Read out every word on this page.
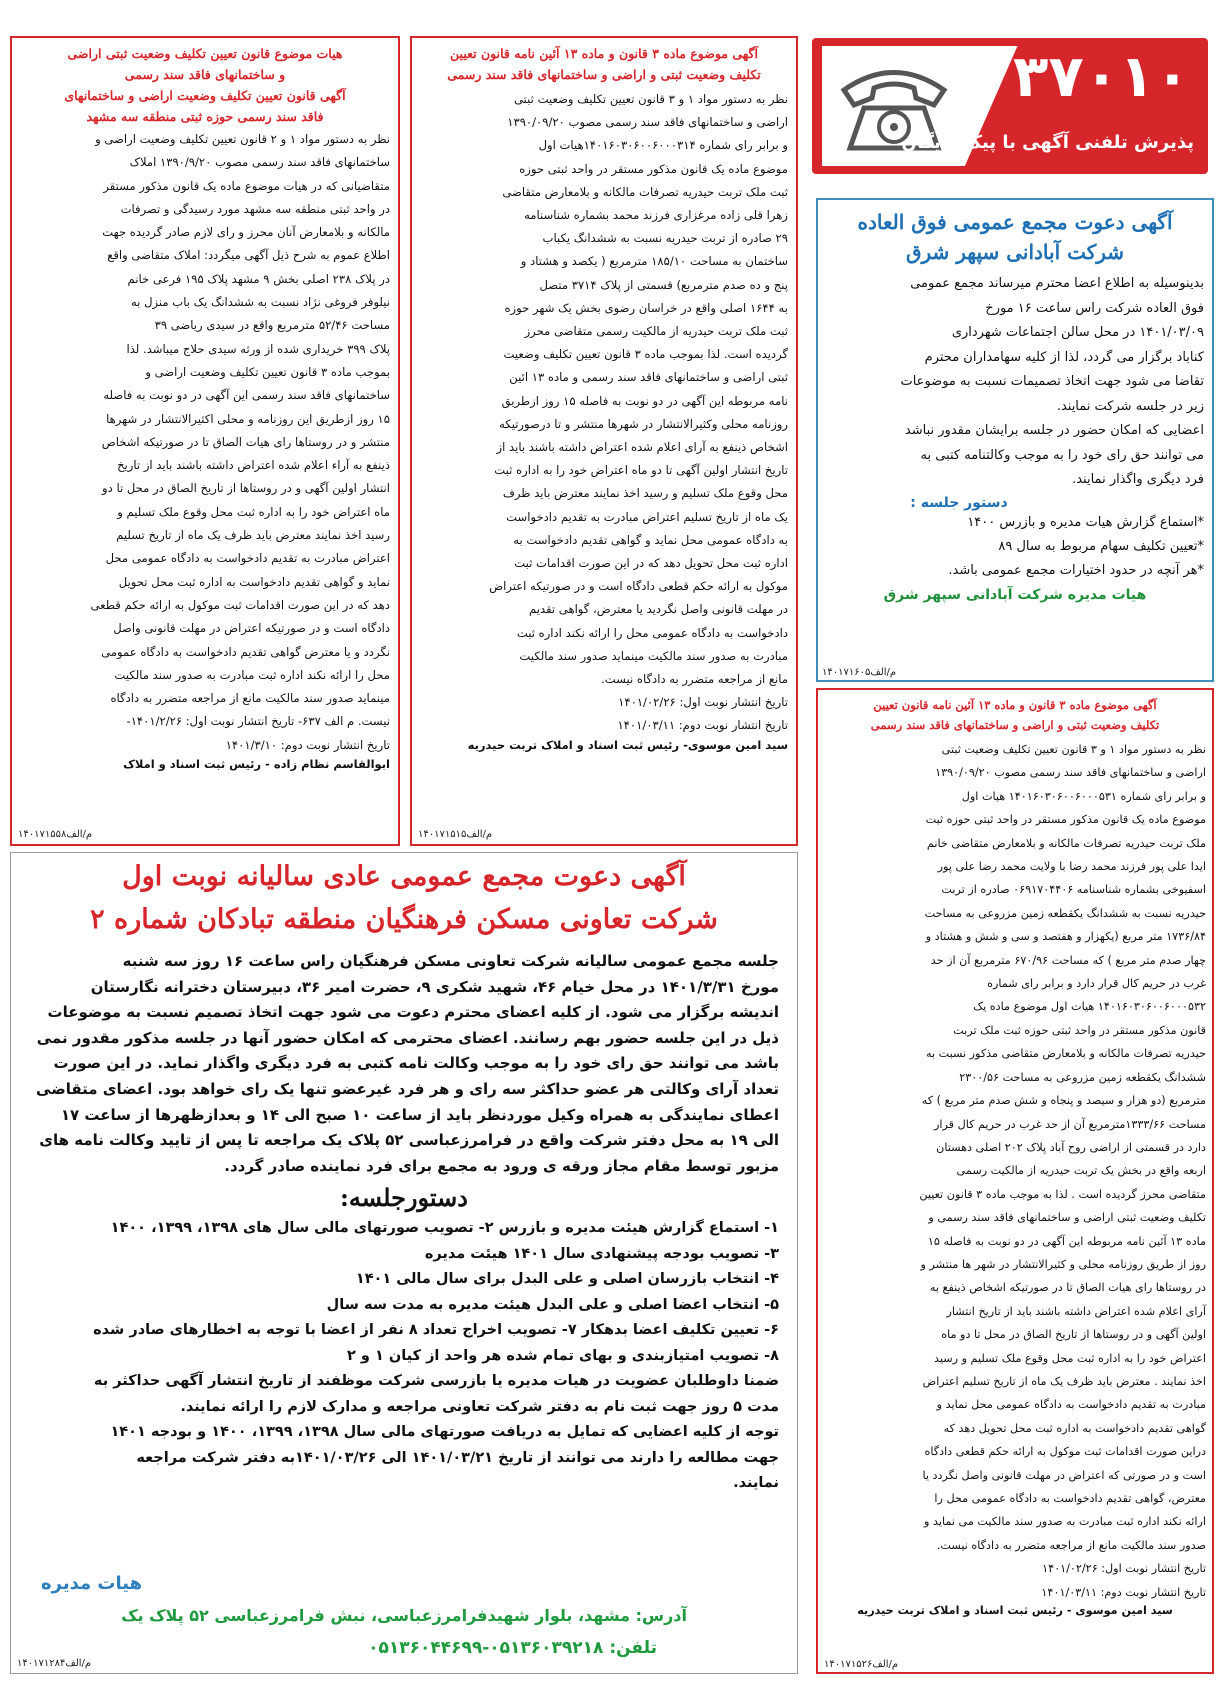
۳۷۰۱۰
پذیرش تلفنی آگهی با پیک رایگان
آگهی دعوت مجمع عمومی فوق العاده
شرکت آبادانی سپهر شرق
بدینوسیله به اطلاع اعضا محترم میرساند مجمع عمومی
فوق العاده شرکت راس ساعت ۱۶ مورخ
۱۴۰۱/۰۳/۰۹ در محل سالن اجتماعات شهرداری
کناباد برگزار می گردد، لذا از کلیه سهامداران محترم
تقاضا می شود جهت اتخاذ تصمیمات نسبت به موضوعات
زیر در جلسه شرکت نمایند.
اعضایی که امکان حضور در جلسه برایشان مقدور نباشد
می توانند حق رای خود را به موجب وکالتنامه کتبی به
فرد دیگری واگذار نمایند.
دستور جلسه :
*استماع گزارش هیات مدیره و بازرس ۱۴۰۰
*تعیین تکلیف سهام مربوط به سال ۸۹
*هر آنچه در حدود اختیارات مجمع عمومی باشد.
هیات مدیره شرکت آبادانی سپهر شرق
م/الف۱۴۰۱۷۱۶۰۵
آگهی موضوع ماده ۳ قانون و ماده ۱۳ آئین نامه قانون تعیین
تکلیف وضعیت ثبتی و اراضی و ساختمانهای فاقد سند رسمی
نظر به دستور مواد ۱ و ۳ قانون تعیین تکلیف وضعیت ثبتی
اراضی و ساختمانهای فاقد سند رسمی مصوب ۱۳۹۰/۰۹/۲۰
و برابر رای شماره ۱۴۰۱۶۰۳۰۶۰۰۶۰۰۰۳۱۴هیات اول
موضوع ماده یک قانون مذکور مستقر در واحد ثبتی حوزه
ثبت ملک تربت حیدریه تصرفات مالکانه و بلامعارض متقاضی
زهرا قلی زاده مرغزاری فرزند محمد بشماره شناسنامه
۲۹ صادره از تربت حیدریه نسبت به ششدانگ یکباب
ساختمان به مساحت ۱۸۵/۱۰ مترمربع ( یکصد و هشتاد و
پنج و ده صدم مترمربع) قسمتی از پلاک ۳۷۱۴ متصل
به ۱۶۴۴ اصلی واقع در خراسان رضوی بخش یک شهر حوزه
ثبت ملک تربت حیدریه از مالکیت رسمی متقاضی محرز
گردیده است. لذا بموجب ماده ۳ قانون تعیین تکلیف وضعیت
ثبتی اراضی و ساختمانهای فاقد سند رسمی و ماده ۱۳ ائین
نامه مربوطه این آگهی در دو نوبت به فاصله ۱۵ روز ازطریق
روزنامه محلی وکثیرالانتشار در شهرها منتشر و تا درصورتیکه
اشخاص ذینفع به آرای اعلام شده اعتراض داشته باشند باید از
تاریخ انتشار اولین آگهی تا دو ماه اعتراض خود را به اداره ثبت
محل وقوع ملک تسلیم و رسید اخذ نمایند معترض باید ظرف
یک ماه از تاریخ تسلیم اعتراض مبادرت به تقدیم دادخواست
به دادگاه عمومی محل نماید و گواهی تقدیم دادخواست به
اداره ثبت محل تحویل دهد که در این صورت اقدامات ثبت
موکول به ارائه حکم قطعی دادگاه است و در صورتیکه اعتراض
در مهلت قانونی واصل نگردید یا معترض، گواهی تقدیم
دادخواست به دادگاه عمومی محل را ارائه نکند اداره ثبت
مبادرت به صدور سند مالکیت مینماید صدور سند مالکیت
مانع از مراجعه متضرر به دادگاه نیست.
تاریخ انتشار نوبت اول: ۱۴۰۱/۰۲/۲۶
تاریخ انتشار نوبت دوم: ۱۴۰۱/۰۳/۱۱
سید امین موسوی- رئیس ثبت اسناد و املاک تربت حیدریه
م/الف۱۴۰۱۷۱۵۱۵
هیات موضوع قانون تعیین تکلیف وضعیت ثبتی اراضی
و ساختمانهای فاقد سند رسمی
آگهی قانون تعیین تکلیف وضعیت اراضی و ساختمانهای
فاقد سند رسمی حوزه ثبتی منطقه سه مشهد
نظر به دستور مواد ۱ و ۲ قانون تعیین تکلیف وضعیت اراضی و
ساختمانهای فاقد سند رسمی مصوب ۱۳۹۰/۹/۲۰ املاک
متقاضیانی که در هیات موضوع ماده یک قانون مذکور مستقر
در واحد ثبتی منطقه سه مشهد مورد رسیدگی و تصرفات
مالکانه و بلامعارض آنان محرز و رای لازم صادر گردیده جهت
اطلاع عموم به شرح ذیل آگهی میگردد: املاک متقاضی واقع
در پلاک ۲۳۸ اصلی بخش ۹ مشهد پلاک ۱۹۵ فرعی خانم
نیلوفر فروغی نژاد نسبت به ششدانگ یک باب منزل به
مساحت ۵۲/۴۶ مترمربع واقع در سیدی ریاضی ۳۹
پلاک ۳۹۹ خریداری شده از ورثه سیدی حلاج میباشد. لذا
بموجب ماده ۳ قانون تعیین تکلیف وضعیت اراضی و
ساختمانهای فاقد سند رسمی این آگهی در دو نوبت به فاصله
۱۵ روز ازطریق این روزنامه و محلی اکثیرالانتشار در شهرها
منتشر و در روستاها رای هیات الصاق تا در صورتیکه اشخاص
ذینفع به آراء اعلام شده اعتراض داشته باشند باید از تاریخ
انتشار اولین آگهی و در روستاها از تاریخ الصاق در محل تا دو
ماه اعتراض خود را به اداره ثبت محل وقوع ملک تسلیم و
رسید اخذ نمایند معترض باید ظرف یک ماه از تاریخ تسلیم
اعتراض مبادرت به تقدیم دادخواست به دادگاه عمومی محل
نماید و گواهی تقدیم دادخواست به اداره ثبت محل تحویل
دهد که در این صورت اقدامات ثبت موکول به ارائه حکم قطعی
دادگاه است و در صورتیکه اعتراض در مهلت قانونی واصل
نگردد و یا معترض گواهی تقدیم دادخواست به دادگاه عمومی
محل را ارائه نکند اداره ثبت مبادرت به صدور سند مالکیت
مینماید صدور سند مالکیت مانع از مراجعه متضرر به دادگاه
نیست. م الف ۶۳۷- تاریخ انتشار نوبت اول: ۱۴۰۱/۲/۲۶-
تاریخ انتشار نوبت دوم: ۱۴۰۱/۳/۱۰
ابوالقاسم نظام زاده - رئیس ثبت اسناد و املاک
م/الف۱۴۰۱۷۱۵۵۸
آگهی دعوت مجمع عمومی عادی سالیانه نوبت اول
شرکت تعاونی مسکن فرهنگیان منطقه تبادکان شماره ۲
جلسه مجمع عمومی سالیانه شرکت تعاونی مسکن فرهنگیان راس ساعت ۱۶ روز سه شنبه
مورخ ۱۴۰۱/۳/۳۱ در محل خیام ۴۶، شهید شکری ۹، حضرت امیر ۳۶، دبیرستان دخترانه نگارستان
اندیشه برگزار می شود. از کلیه اعضای محترم دعوت می شود جهت اتخاذ تصمیم نسبت به موضوعات
ذیل در این جلسه حضور بهم رسانند. اعضای محترمی که امکان حضور آنها در جلسه مذکور مقدور نمی
باشد می توانند حق رای خود را به موجب وکالت نامه کتبی به فرد دیگری واگذار نماید. در این صورت
تعداد آرای وکالتی هر عضو حداکثر سه رای و هر فرد غیرعضو تنها یک رای خواهد بود. اعضای متقاضی
اعطای نمایندگی به همراه وکیل مورد‌نظر باید از ساعت ۱۰ صبح الی ۱۴ و بعدازظهرها از ساعت ۱۷
الی ۱۹ به محل دفتر شرکت واقع در فرامرزعباسی ۵۲ پلاک یک مراجعه تا پس از تایید وکالت نامه های
مزبور توسط مقام مجاز ورقه ی ورود به مجمع برای فرد نماینده صادر گردد.
دستورجلسه:
۱- استماع گزارش هیئت مدیره و بازرس ۲- تصویب صورتهای مالی سال های ۱۳۹۸، ۱۳۹۹، ۱۴۰۰
۳- تصویب بودجه پیشنهادی سال ۱۴۰۱ هیئت مدیره
۴- انتخاب بازرسان اصلی و علی البدل برای سال مالی ۱۴۰۱
۵- انتخاب اعضا اصلی و علی البدل هیئت مدیره به مدت سه سال
۶- تعیین تکلیف اعضا بدهکار ۷- تصویب اخراج تعداد ۸ نفر از اعضا با توجه به اخطارهای صادر شده
۸- تصویب امتیازبندی و بهای تمام شده هر واحد از کیان ۱ و ۲
ضمنا داوطلبان عضویت در هیات مدیره یا بازرسی شرکت موظفند از تاریخ انتشار آگهی حداکثر به
مدت ۵ روز جهت ثبت نام به دفتر شرکت تعاونی مراجعه و مدارک لازم را ارائه نمایند.
توجه از کلیه اعضایی که تمایل به دریافت صورتهای مالی سال ۱۳۹۸، ۱۳۹۹، ۱۴۰۰ و بودجه ۱۴۰۱
جهت مطالعه را دارند می توانند از تاریخ ۱۴۰۱/۰۳/۲۱ الی ۱۴۰۱/۰۳/۲۶به دفتر شرکت مراجعه
نمایند.
هیات مدیره
آدرس: مشهد، بلوار شهیدفرامرزعباسی، نبش فرامرزعباسی ۵۲ پلاک یک
تلفن: ۰۵۱۳۶۰۳۹۲۱۸-۰۵۱۳۶۰۴۴۶۹۹
م/الف۱۴۰۱۷۱۲۸۴
آگهی موضوع ماده ۳ قانون و ماده ۱۳ آئین نامه قانون تعیین
تکلیف وضعیت ثبتی و اراضی و ساختمانهای فاقد سند رسمی
نظر به دستور مواد ۱ و ۳ قانون تعیین تکلیف وضعیت ثبتی
اراضی و ساختمانهای فاقد سند رسمی مصوب ۱۳۹۰/۰۹/۲۰
و برابر رای شماره ۱۴۰۱۶۰۳۰۶۰۰۶۰۰۰۵۳۱ هیات اول
موضوع ماده یک قانون مذکور مستقر در واحد ثبتی حوزه ثبت
ملک تربت حیدریه تصرفات مالکانه و بلامعارض متقاضی خانم
ایدا علی پور فرزند محمد رضا با ولایت محمد رضا علی پور
اسفیوخی بشماره شناسنامه ۰۶۹۱۷۰۴۴۰۶ صادره از تربت
حیدریه نسبت به ششدانگ یکقطعه زمین مزروعی به مساحت
۱۷۳۶/۸۴ متر مربع (یکهزار و هفتصد و سی و شش و هشتاد و
چهار صدم متر مربع ) که مساحت ۶۷۰/۹۶ مترمربع آن از حد
غرب در حریم کال قرار دارد و برابر رای شماره
۱۴۰۱۶۰۳۰۶۰۰۶۰۰۰۵۳۲ هیات اول موضوع ماده یک
قانون مذکور مستقر در واحد ثبتی حوزه ثبت ملک تربت
حیدریه تصرفات مالکانه و بلامعارض متقاضی مذکور نسبت به
ششدانگ یکقطعه زمین مزروعی به مساحت ۲۳۰۰/۵۶
مترمربع (دو هزار و سیصد و پنجاه و شش صدم متر مربع ) که
مساحت ۱۳۳۳/۶۶مترمربع آن از حد غرب در حریم کال قرار
دارد در قسمتی از اراضی روح آباد پلاک ۲۰۲ اصلی دهستان
اربعه واقع در بخش یک تربت حیدریه از مالکیت رسمی
متقاضی محرز گردیده است . لذا به موجب ماده ۳ قانون تعیین
تکلیف وضعیت ثبتی اراضی و ساختمانهای فاقد سند رسمی و
ماده ۱۳ آئین نامه مربوطه این آگهی در دو نوبت به فاصله ۱۵
روز از طریق روزنامه محلی و کثیرالانتشار در شهر ها منتشر و
در روستاها رای هیات الصاق تا در صورتیکه اشخاص ذینفع به
آرای اعلام شده اعتراض داشته باشند باید از تاریخ انتشار
اولین آگهی و در روستاها از تاریخ الصاق در محل تا دو ماه
اعتراض خود را به اداره ثبت محل وقوع ملک تسلیم و رسید
اخذ نمایند . معترض باید ظرف یک ماه از تاریخ تسلیم اعتراض
مبادرت به تقدیم دادخواست به دادگاه عمومی محل نماید و
گواهی تقدیم دادخواست به اداره ثبت محل تحویل دهد که
دراین صورت اقدامات ثبت موکول به ارائه حکم قطعی دادگاه
است و در صورتی که اعتراض در مهلت قانونی واصل نگردد یا
معترض، گواهی تقدیم دادخواست به دادگاه عمومی محل را
ارائه نکند اداره ثبت مبادرت به صدور سند مالکیت می نماید و
صدور سند مالکیت مانع از مراجعه متضرر به دادگاه نیست.
تاریخ انتشار نوبت اول: ۱۴۰۱/۰۲/۲۶
تاریخ انتشار نوبت دوم: ۱۴۰۱/۰۳/۱۱
سید امین موسوی - رئیس ثبت اسناد و املاک تربت حیدریه
م/الف۱۴۰۱۷۱۵۲۶
